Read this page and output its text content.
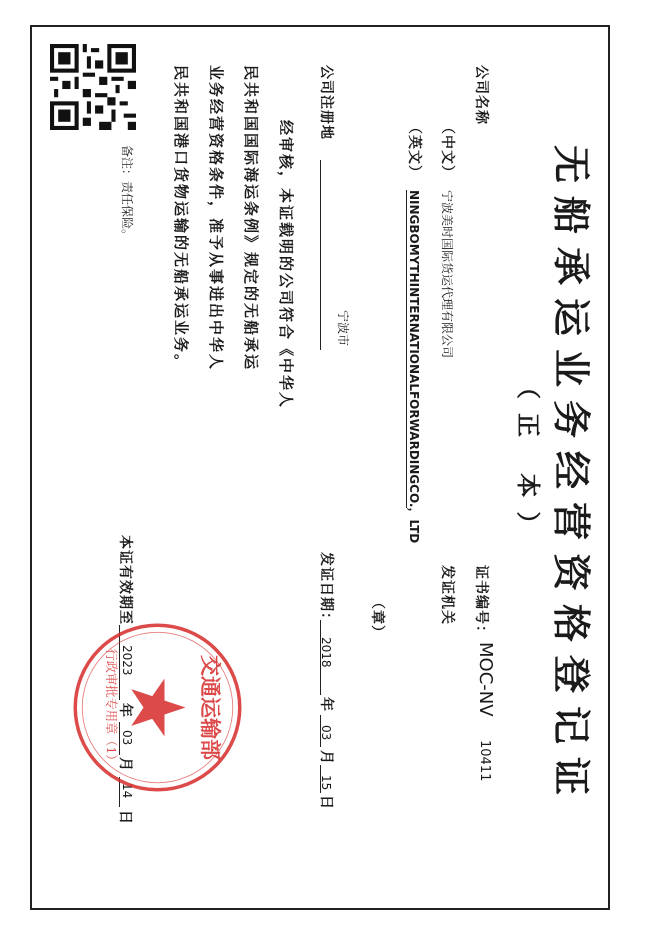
无船承运业务经营资格登记证
（正 本）
公司名称
证书编号：
MOC-NV
10411
（中文）
宁波美时国际货运代理有限公司
发证机关
（英文）
NINGBOMYTHINTERNATIONALFORWARDINGCO.，LTD
（章）
公司注册地
宁波市
发证日期：
2018
年
03
月
15
日
经审核，本证载明的公司符合《中华人
民共和国国际海运条例》规定的无船承运
业务经营资格条件，准予从事进出中华人
民共和国港口货物运输的无船承运业务。
备注：责任保险。
本证有效期至
2023
年
03
月
14
日
交通运输部
行政审批专用章（1）
